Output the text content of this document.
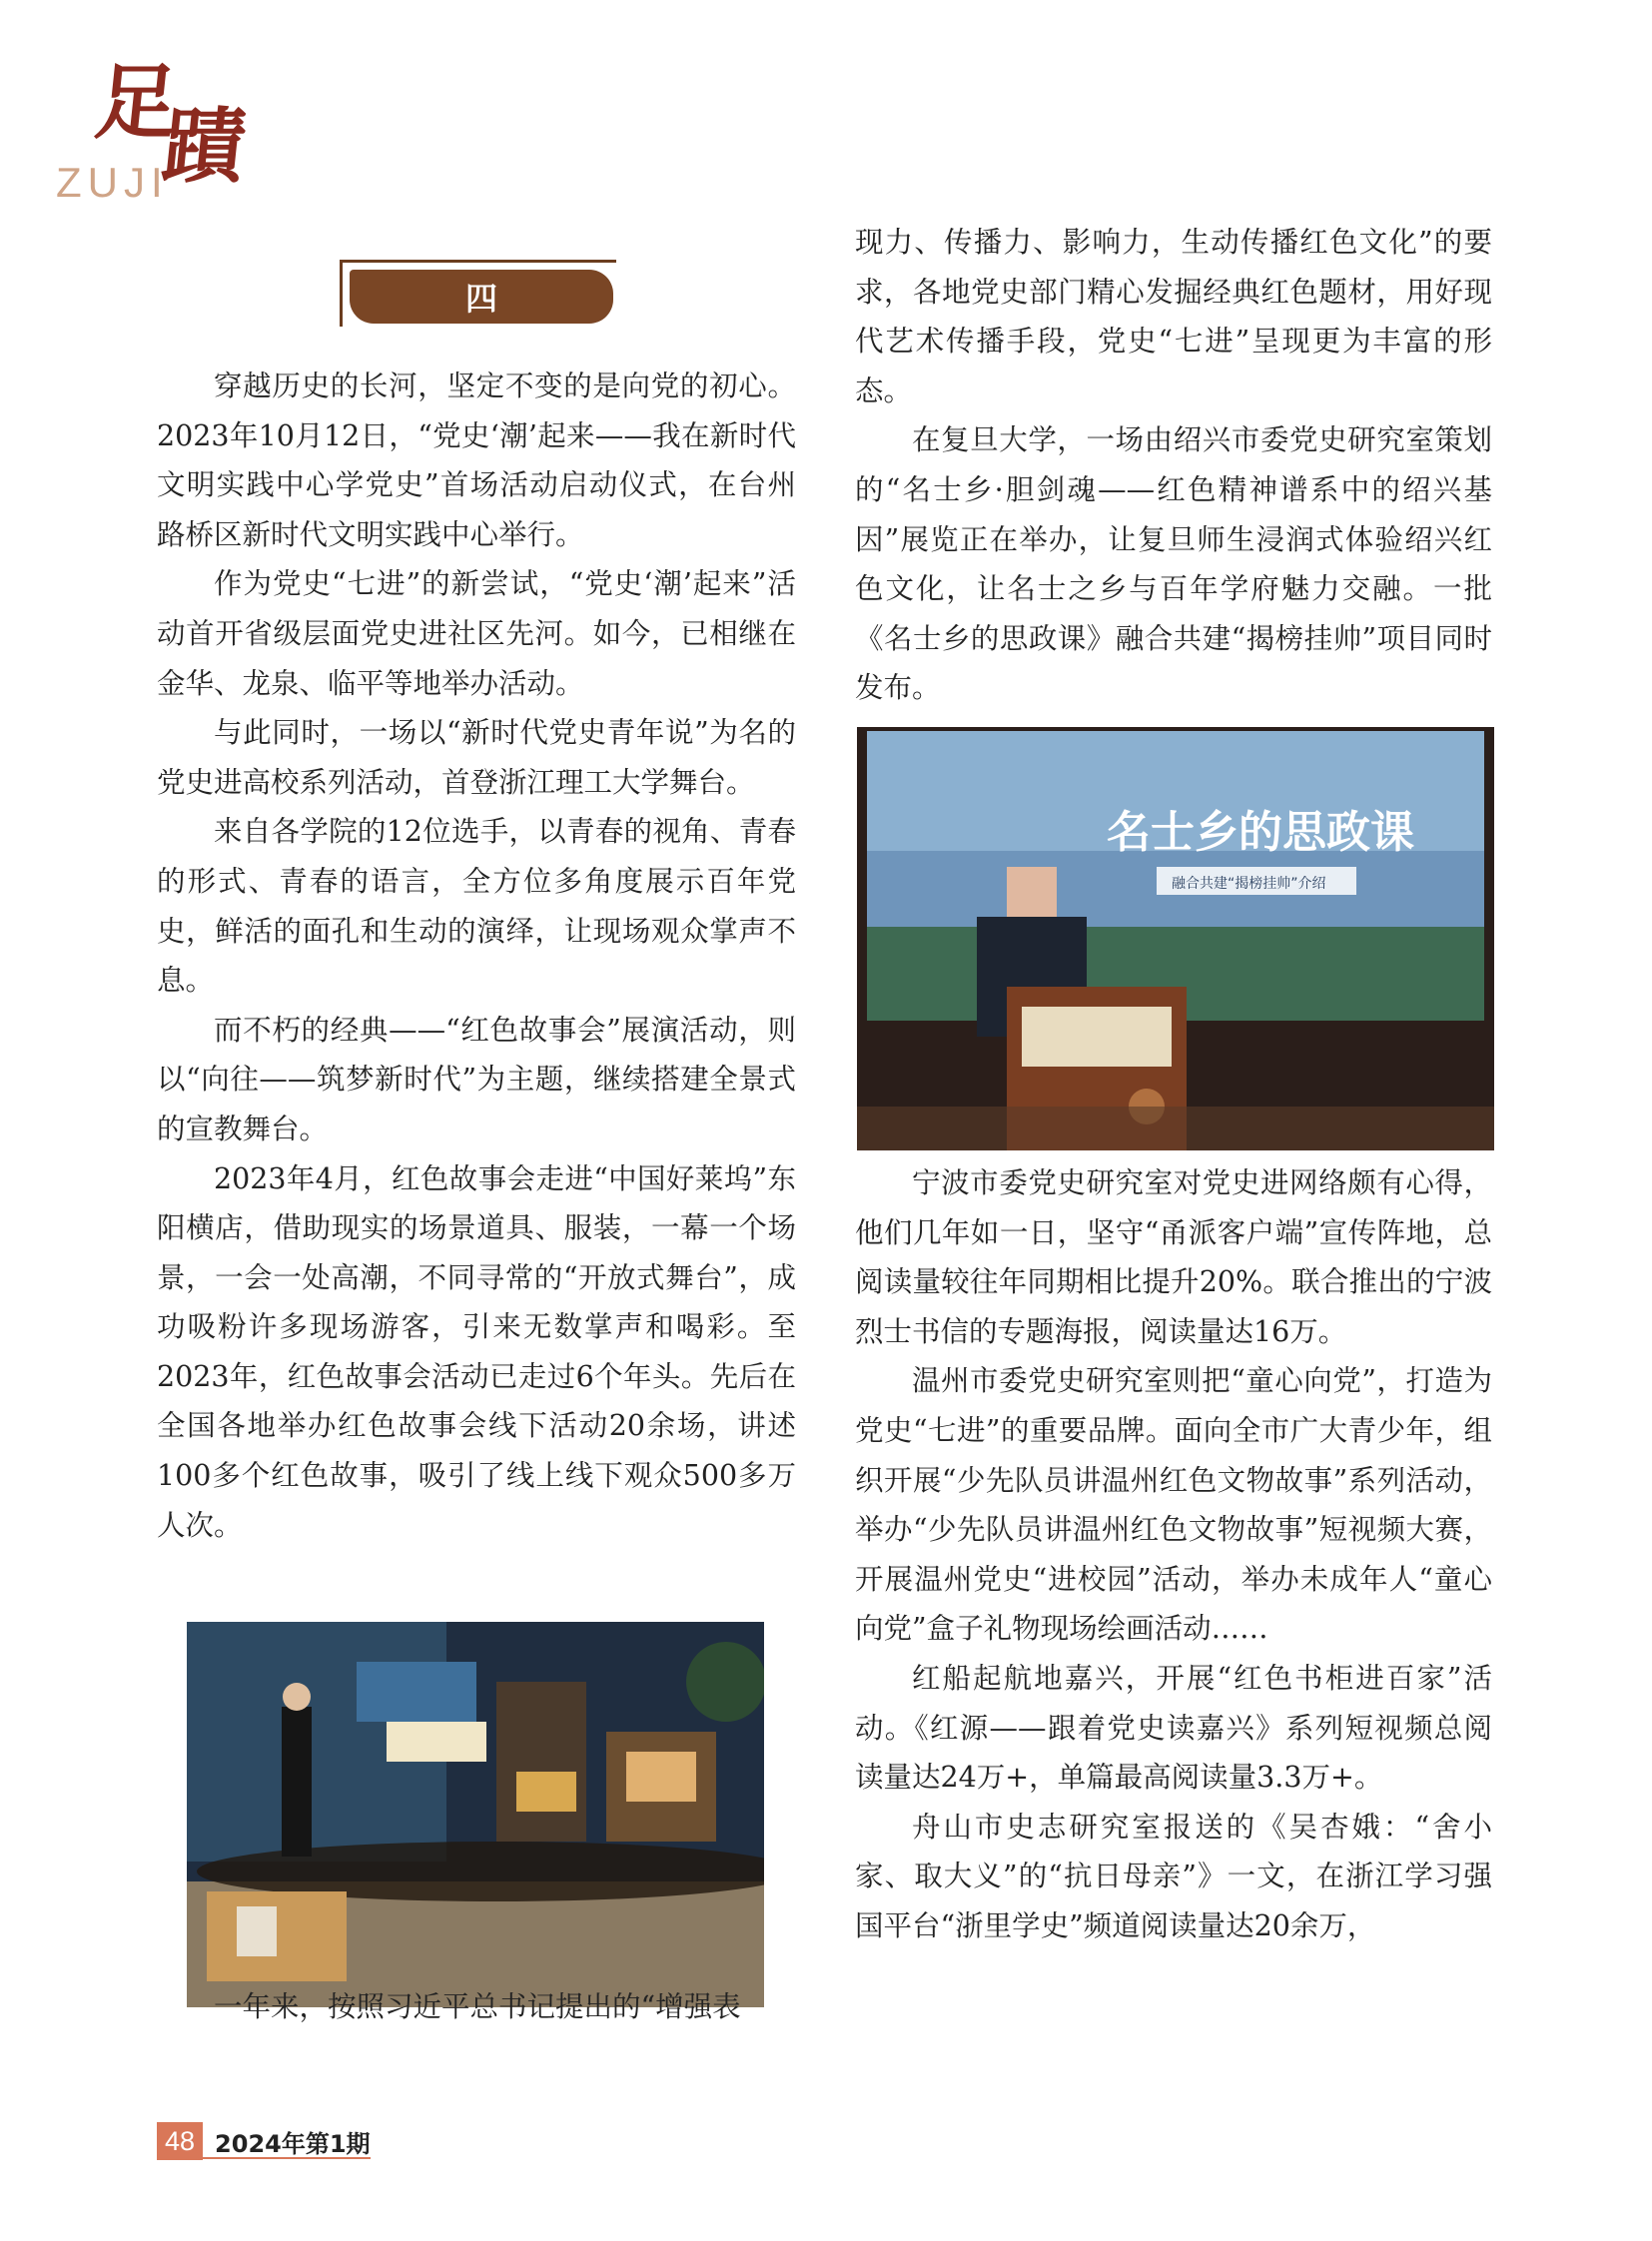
足蹟
ZUJI
四

穿越历史的长河，坚定不变的是向党的初心。2023年10月12日，“党史‘潮’起来——我在新时代文明实践中心学党史”首场活动启动仪式，在台州路桥区新时代文明实践中心举行。

作为党史“七进”的新尝试，“党史‘潮’起来”活动首开省级层面党史进社区先河。如今，已相继在金华、龙泉、临平等地举办活动。

与此同时，一场以“新时代党史青年说”为名的党史进高校系列活动，首登浙江理工大学舞台。

来自各学院的12位选手，以青春的视角、青春的形式、青春的语言，全方位多角度展示百年党史，鲜活的面孔和生动的演绎，让现场观众掌声不息。

而不朽的经典——“红色故事会”展演活动，则以“向往——筑梦新时代”为主题，继续搭建全景式的宣教舞台。

2023年4月，红色故事会走进“中国好莱坞”东阳横店，借助现实的场景道具、服装，一幕一个场景，一会一处高潮，不同寻常的“开放式舞台”，成功吸粉许多现场游客，引来无数掌声和喝彩。至2023年，红色故事会活动已走过6个年头。先后在全国各地举办红色故事会线下活动20余场，讲述100多个红色故事，吸引了线上线下观众500多万人次。

一年来，按照习近平总书记提出的“增强表

现力、传播力、影响力，生动传播红色文化”的要求，各地党史部门精心发掘经典红色题材，用好现代艺术传播手段，党史“七进”呈现更为丰富的形态。

在复旦大学，一场由绍兴市委党史研究室策划的“名士乡·胆剑魂——红色精神谱系中的绍兴基因”展览正在举办，让复旦师生浸润式体验绍兴红色文化，让名士之乡与百年学府魅力交融。一批《名士乡的思政课》融合共建“揭榜挂帅”项目同时发布。

名士乡的思政课
融合共建“揭榜挂帅”介绍

宁波市委党史研究室对党史进网络颇有心得，他们几年如一日，坚守“甬派客户端”宣传阵地，总阅读量较往年同期相比提升20%。联合推出的宁波烈士书信的专题海报，阅读量达16万。

温州市委党史研究室则把“童心向党”，打造为党史“七进”的重要品牌。面向全市广大青少年，组织开展“少先队员讲温州红色文物故事”系列活动，举办“少先队员讲温州红色文物故事”短视频大赛，开展温州党史“进校园”活动，举办未成年人“童心向党”盒子礼物现场绘画活动……

红船起航地嘉兴，开展“红色书柜进百家”活动。《红源——跟着党史读嘉兴》系列短视频总阅读量达24万+，单篇最高阅读量3.3万+。

舟山市史志研究室报送的《吴杏娥：“舍小家、取大义”的“抗日母亲”》一文，在浙江学习强国平台“浙里学史”频道阅读量达20余万，

48 2024年第1期
